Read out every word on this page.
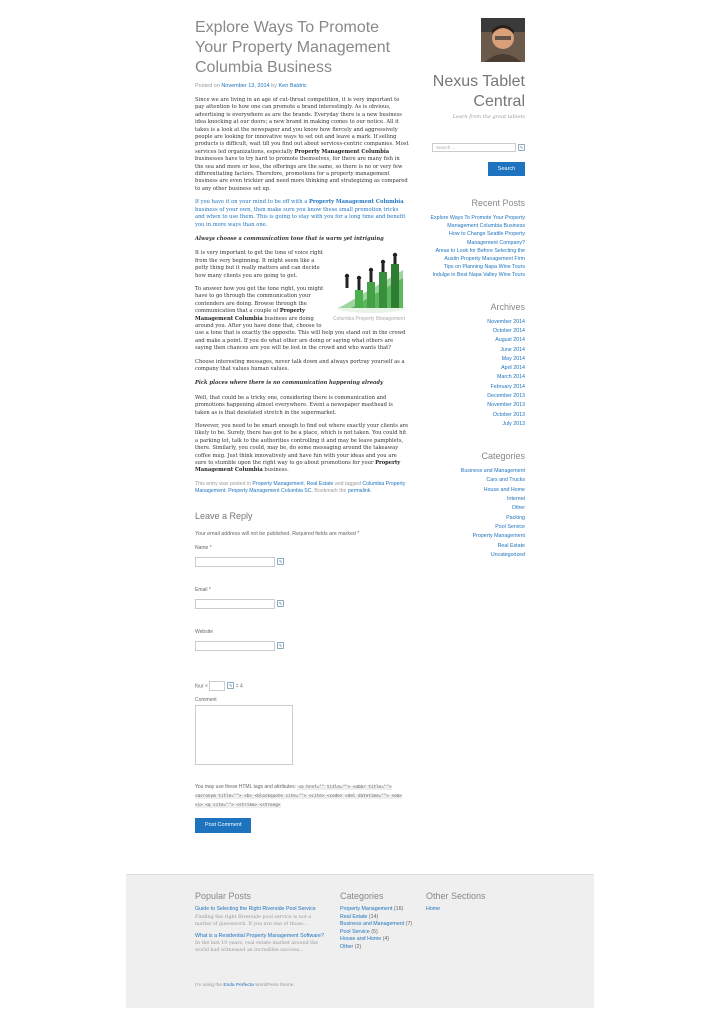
Explore Ways To Promote Your Property Management Columbia Business
Posted on November 13, 2014 by Ken Baldric

Since we are living in an age of cut-throat competition, it is very important to pay attention to how one can promote a brand interestingly. As is obvious, advertising is everywhere as are the brands. Everyday there is a new business idea knocking at our doors; a new brand in making comes to our notice. All it takes is a look at the newspaper and you know how fiercely and aggressively people are looking for innovative ways to set out and leave a mark. If selling products is difficult, wait till you find out about services-centric companies. Most services led organizations, especially Property Management Columbia businesses have to try hard to promote themselves, for there are many fish in the sea and more or less, the offerings are the same, so there is no or very few differentiating factors. Therefore, promotions for a property management business are even trickier and need more thinking and strategizing as compared to any other business set up.

If you have it on your mind to be off with a Property Management Columbia business of your own, then make sure you know these small promotion tricks and when to use them. This is going to stay with you for a long time and benefit you in more ways than one.

Always choose a communication tone that is warm yet intriguing
Columbia Property Management

It is very important to get the tone of voice right from the very beginning. It might seem like a petty thing but it really matters and can decide how many clients you are going to get.

To answer how you get the tone right, you might have to go through the communication your contenders are doing. Browse through the communication that a couple of Property Management Columbia business are doing around you. After you have done that, choose to use a tone that is exactly the opposite. This will help you stand out in the crowd and make a point. If you do what other are doing or saying what others are saying then chances are you will be lost in the crowd and who wants that?

Choose interesting messages, never talk down and always portray yourself as a company that values human values.

Pick places where there is no communication happening already

Well, that could be a tricky one, considering there is communication and promotions happening almost everywhere. Event a newspaper masthead is taken as is that desolated stretch in the supermarket.

However, you need to be smart enough to find out where exactly your clients are likely to be. Surely, there has got to be a place, which is not taken. You could hit a parking lot, talk to the authorities controlling it and may be leave pamphlets, there. Similarly, you could, may be, do some messaging around the takeaway coffee mug. Just think innovatively and have fun with your ideas and you are sure to stumble upon the right way to go about promotions for your Property Management Columbia business.

This entry was posted in Property Management, Real Estate and tagged Columbia Property Management, Property Management Columbia SC. Bookmark the permalink.
Leave a Reply
Your email address will not be published. Required fields are marked *
Name *
✎
Email *
✎
Website
✎
four ×	✎ = 4
Comment
You may use these HTML tags and attributes: <a href="" title=""> <abbr title=""> <acronym title=""> <b> <blockquote cite=""> <cite> <code> <del datetime=""> <em> <i> <q cite=""> <strike> <strong>
Post Comment
Nexus Tablet Central
Learn from the great tablets
Search ...	✎
Search
Recent Posts
Explore Ways To Promote Your Property Management Columbia Business
How to Change Seattle Property Management Company?
Areas to Look for Before Selecting the Austin Property Management Firm
Tips on Planning Napa Wine Tours
Indulge in Best Napa Valley Wine Tours
Archives
November 2014
October 2014
August 2014
June 2014
May 2014
April 2014
March 2014
February 2014
December 2013
November 2013
October 2013
July 2013
Categories
Business and Management
Cars and Trucks
House and Home
Internet
Other
Packing
Pool Service
Property Management
Real Estate
Uncategorized
Popular Posts
Guide to Selecting the Right Riverside Pool Service
Finding the right Riverside pool service is not a matter of guesswork. If you are one of those...
What is a Residential Property Management Software?
In the last 10 years, real estate market around the world had witnessed an incredible success...
Categories
Property Management (16)
Real Estate (14)
Business and Management (7)
Pool Service (5)
House and Home (4)
Other (2)
Other Sections
Home
I'm using the Enda Perfecta WordPress theme.
